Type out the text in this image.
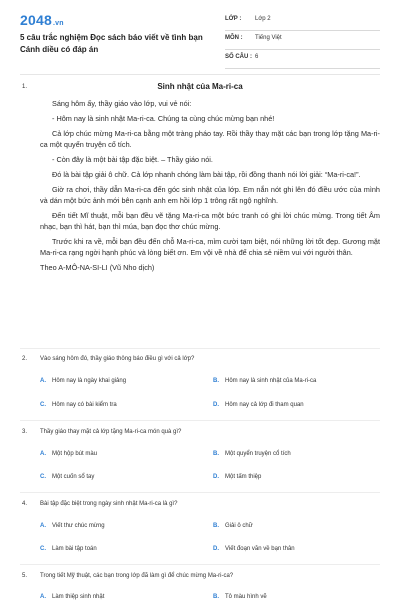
2048.vn
5 câu trắc nghiệm Đọc sách báo viết về tình bạn Cánh diều có đáp án
LỚP : Lớp 2
MÔN : Tiếng Việt
SỐ CÂU : 6
1.	Sinh nhật của Ma-ri-ca

Sáng hôm ấy, thầy giáo vào lớp, vui vẻ nói:

- Hôm nay là sinh nhật Ma-ri-ca. Chúng ta cùng chúc mừng bạn nhé!

Cả lớp chúc mừng Ma-ri-ca bằng một tràng pháo tay. Rồi thầy thay mặt các bạn trong lớp tặng Ma-ri-ca một quyển truyện cổ tích.

- Còn đây là một bài tập đặc biệt. – Thầy giáo nói.

Đó là bài tập giải ô chữ. Cả lớp nhanh chóng làm bài tập, rồi đồng thanh nói lời giải: “Ma-ri-ca!”.

Giờ ra chơi, thầy dẫn Ma-ri-ca đến góc sinh nhật của lớp. Em nắn nót ghi lên đó điều ước của mình và dán một bức ảnh mới bên cạnh anh em hồi lớp 1 trông rất ngộ nghĩnh.

Đến tiết Mĩ thuật, mỗi bạn đều vẽ tặng Ma-ri-ca một bức tranh có ghi lời chúc mừng. Trong tiết Âm nhạc, bạn thì hát, bạn thì múa, bạn đọc thơ chúc mừng.

Trước khi ra về, mỗi bạn đều đến chỗ Ma-ri-ca, mỉm cười tạm biệt, nói những lời tốt đẹp. Gương mặt Ma-ri-ca rạng ngời hạnh phúc và lòng biết ơn. Em vội về nhà để chia sẻ niềm vui với người thân.

Theo A-MÔ-NA-SI-LI (Vũ Nho dịch)

2. Vào sáng hôm đó, thầy giáo thông báo điều gì với cả lớp?
A. Hôm nay là ngày khai giảng	B. Hôm nay là sinh nhật của Ma-ri-ca
C. Hôm nay có bài kiểm tra	D. Hôm nay cả lớp đi tham quan
3. Thầy giáo thay mặt cả lớp tặng Ma-ri-ca món quà gì?
A. Một hộp bút màu	B. Một quyển truyện cổ tích
C. Một cuốn sổ tay	D. Một tấm thiệp
4. Bài tập đặc biệt trong ngày sinh nhật Ma-ri-ca là gì?
A. Viết thư chúc mừng	B. Giải ô chữ
C. Làm bài tập toán	D. Viết đoạn văn về bạn thân
5. Trong tiết Mỹ thuật, các bạn trong lớp đã làm gì để chúc mừng Ma-ri-ca?
A. Làm thiệp sinh nhật	B. Tô màu hình vẽ
